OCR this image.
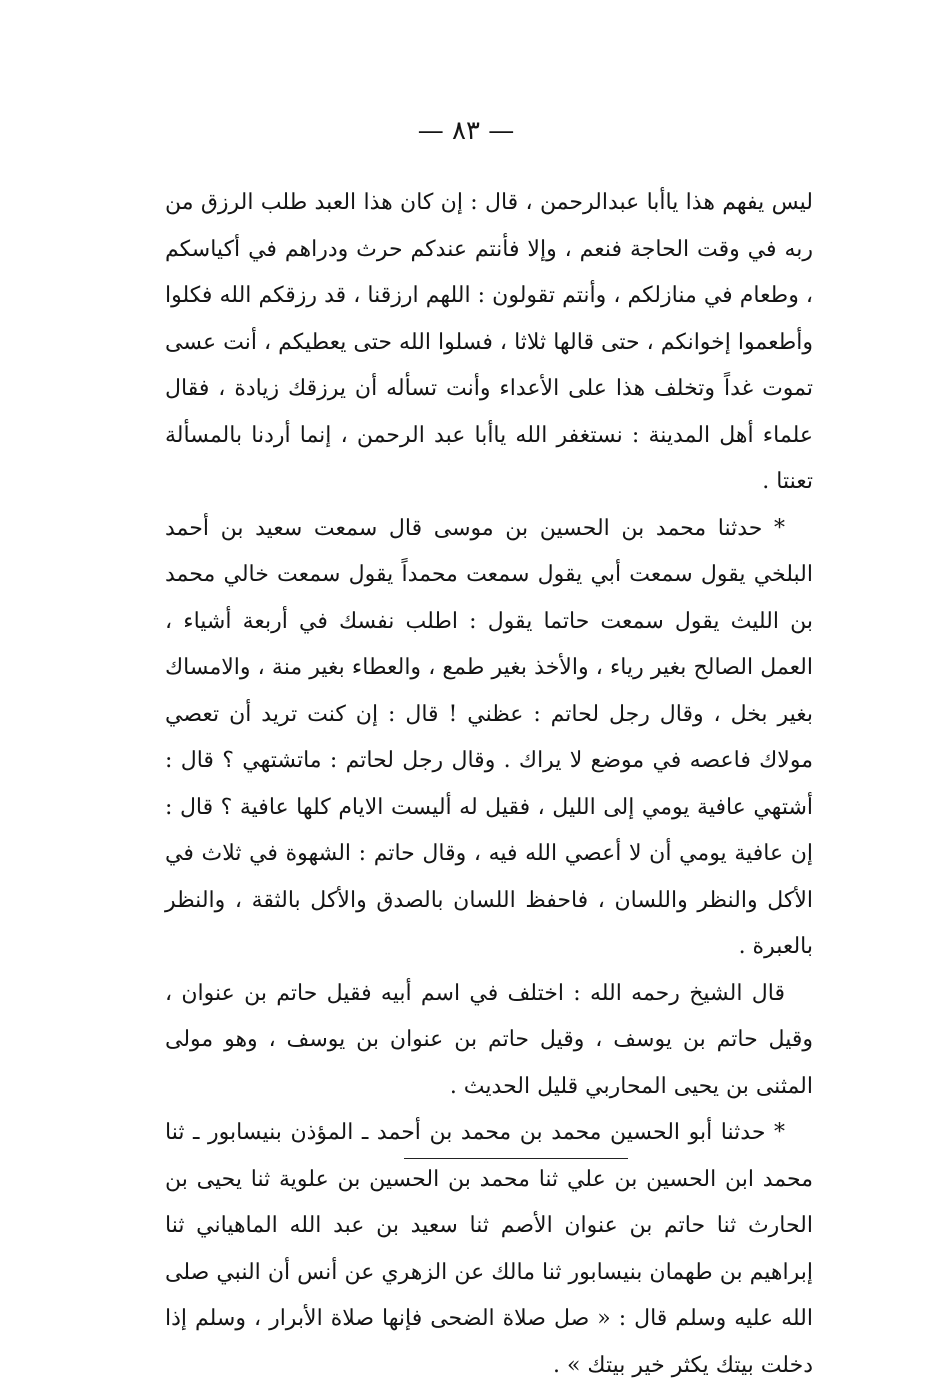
— ٨٣ —

ليس يفهم هذا ياأبا عبدالرحمن ، قال : إن كان هذا العبد طلب الرزق من ربه في وقت الحاجة فنعم ، وإلا فأنتم عندكم حرث ودراهم في أكياسكم ، وطعام في منازلكم ، وأنتم تقولون : اللهم ارزقنا ، قد رزقكم الله فكلوا وأطعموا إخوانكم ، حتى قالها ثلاثا ، فسلوا الله حتى يعطيكم ، أنت عسى تموت غداً وتخلف هذا على الأعداء وأنت تسأله أن يرزقك زيادة ، فقال علماء أهل المدينة : نستغفر الله ياأبا عبد الرحمن ، إنما أردنا بالمسألة تعنتا .

* حدثنا محمد بن الحسين بن موسى قال سمعت سعيد بن أحمد البلخي يقول سمعت أبي يقول سمعت محمداً يقول سمعت خالي محمد بن الليث يقول سمعت حاتما يقول : اطلب نفسك في أربعة أشياء ، العمل الصالح بغير رياء ، والأخذ بغير طمع ، والعطاء بغير منة ، والامساك بغير بخل ، وقال رجل لحاتم : عظني ! قال : إن كنت تريد أن تعصي مولاك فاعصه في موضع لا يراك . وقال رجل لحاتم : ماتشتهي ؟ قال : أشتهي عافية يومي إلى الليل ، فقيل له أليست الايام كلها عافية ؟ قال : إن عافية يومي أن لا أعصي الله فيه ، وقال حاتم : الشهوة في ثلاث في الأكل والنظر واللسان ، فاحفظ اللسان بالصدق والأكل بالثقة ، والنظر بالعبرة .

قال الشيخ رحمه الله : اختلف في اسم أبيه فقيل حاتم بن عنوان ، وقيل حاتم بن يوسف ، وقيل حاتم بن عنوان بن يوسف ، وهو مولى المثنى بن يحيى المحاربي قليل الحديث .

* حدثنا أبو الحسين محمد بن محمد بن أحمد ـ المؤذن بنيسابور ـ ثنا محمد ابن الحسين بن علي ثنا محمد بن الحسين بن علوية ثنا يحيى بن الحارث ثنا حاتم بن عنوان الأصم ثنا سعيد بن عبد الله الماهياني ثنا إبراهيم بن طهمان بنيسابور ثنا مالك عن الزهري عن أنس أن النبي صلى الله عليه وسلم قال : « صل صلاة الضحى فإنها صلاة الأبرار ، وسلم إذا دخلت بيتك يكثر خير بيتك » .
